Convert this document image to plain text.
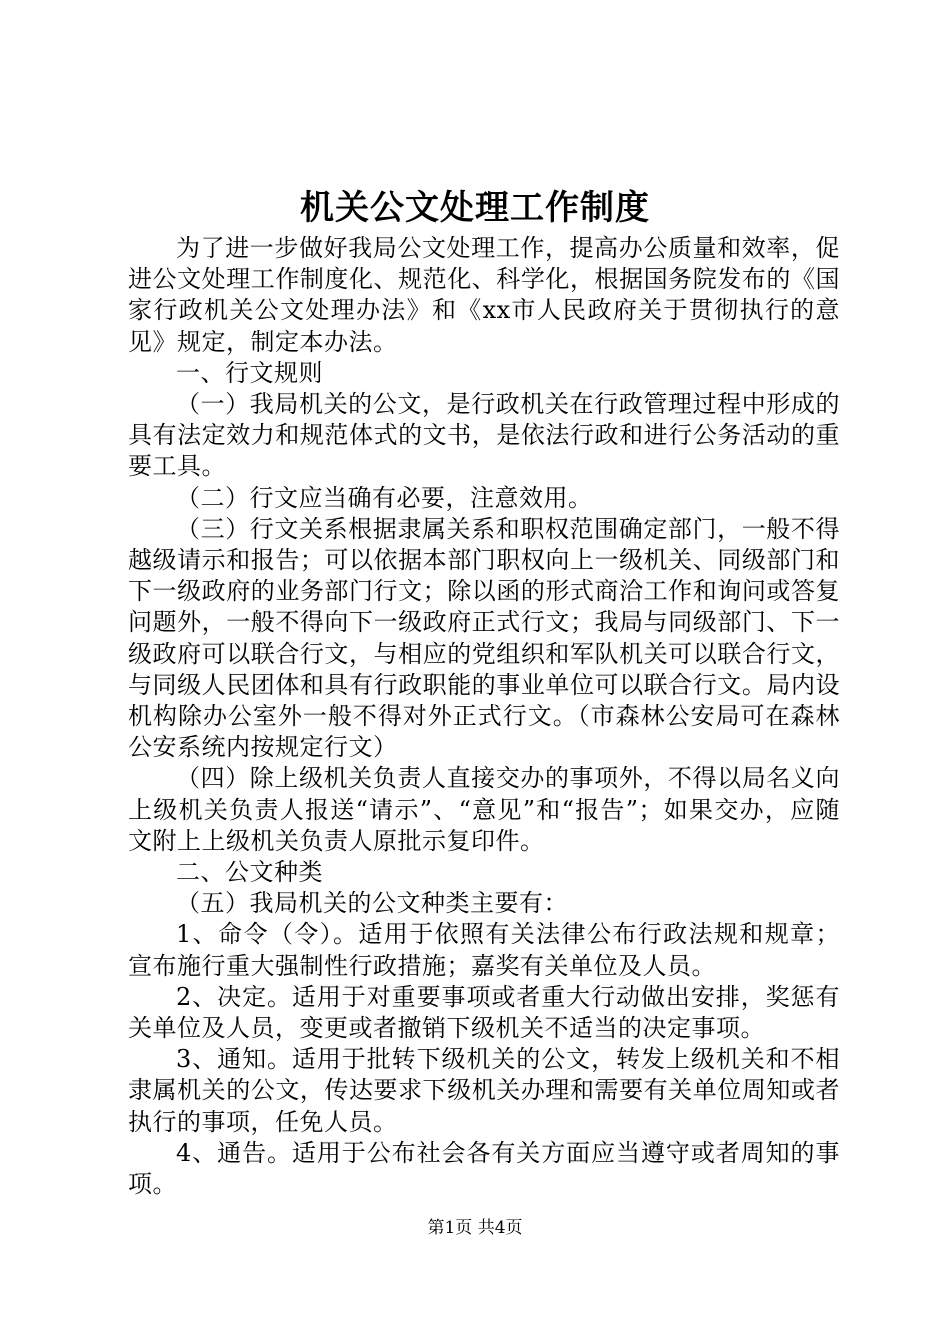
机关公文处理工作制度

为了进一步做好我局公文处理工作，提高办公质量和效率，促进公文处理工作制度化、规范化、科学化，根据国务院发布的《国家行政机关公文处理办法》和《xx市人民政府关于贯彻执行的意见》规定，制定本办法。

一、行文规则

（一）我局机关的公文，是行政机关在行政管理过程中形成的具有法定效力和规范体式的文书，是依法行政和进行公务活动的重要工具。

（二）行文应当确有必要，注意效用。

（三）行文关系根据隶属关系和职权范围确定部门，一般不得越级请示和报告；可以依据本部门职权向上一级机关、同级部门和下一级政府的业务部门行文；除以函的形式商洽工作和询问或答复问题外，一般不得向下一级政府正式行文；我局与同级部门、下一级政府可以联合行文，与相应的党组织和军队机关可以联合行文，与同级人民团体和具有行政职能的事业单位可以联合行文。局内设机构除办公室外一般不得对外正式行文。（市森林公安局可在森林公安系统内按规定行文）

（四）除上级机关负责人直接交办的事项外，不得以局名义向上级机关负责人报送“请示”、“意见”和“报告”；如果交办，应随文附上上级机关负责人原批示复印件。

二、公文种类

（五）我局机关的公文种类主要有：

1、命令（令）。适用于依照有关法律公布行政法规和规章；宣布施行重大强制性行政措施；嘉奖有关单位及人员。

2、决定。适用于对重要事项或者重大行动做出安排，奖惩有关单位及人员，变更或者撤销下级机关不适当的决定事项。

3、通知。适用于批转下级机关的公文，转发上级机关和不相隶属机关的公文，传达要求下级机关办理和需要有关单位周知或者执行的事项，任免人员。

4、通告。适用于公布社会各有关方面应当遵守或者周知的事项。

第1页 共4页
